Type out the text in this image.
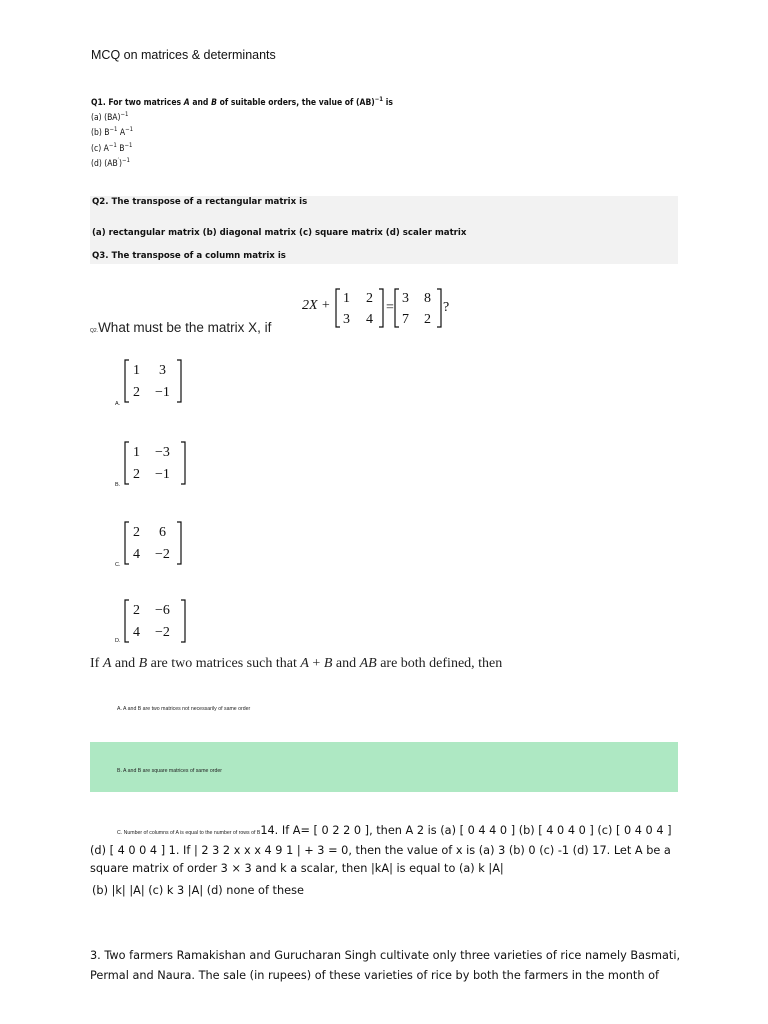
MCQ on matrices & determinants
Q1. For two matrices A and B of suitable orders, the value of (AB)$^{-1}$ is
(a) (BA)$^{-1}$
(b) $B^{-1}$ $A^{-1}$
(c) $A^{-1}$ $B^{-1}$
(d) $(AB')^{-1}$
Q2. The transpose of a rectangular matrix is
(a) rectangular matrix (b) diagonal matrix (c) square matrix (d) scaler matrix
Q3. The transpose of a column matrix is
2X + 1 2
3 4
=
3 8
7 2
?
Q2.What must be the matrix X, if
A.
1 3
2 −1
B.
1 −3
2 −1
C.
2 6
4 −2
D.
2 −6
4 −2
If A and B are two matrices such that A + B and AB are both defined, then
A. A and B are two matrices not necessarily of same order
B. A and B are square matrices of same order
C. Number of columns of A is equal to the number of rows of B14. If A= [ 0 2 2 0 ], then A 2 is (a) [ 0 4 4 0 ] (b) [ 4 0 4 0 ] (c) [ 0 4 0 4 ] (d) [ 4 0 0 4 ] 1. If | 2 3 2 x x x 4 9 1 | + 3 = 0, then the value of x is (a) 3 (b) 0 (c) -1 (d) 17. Let A be a square matrix of order 3 × 3 and k a scalar, then |kA| is equal to (a) k |A|
(b) |k| |A| (c) k 3 |A| (d) none of these
3. Two farmers Ramakishan and Gurucharan Singh cultivate only three varieties of rice namely Basmati, Permal and Naura. The sale (in rupees) of these varieties of rice by both the farmers in the month of
